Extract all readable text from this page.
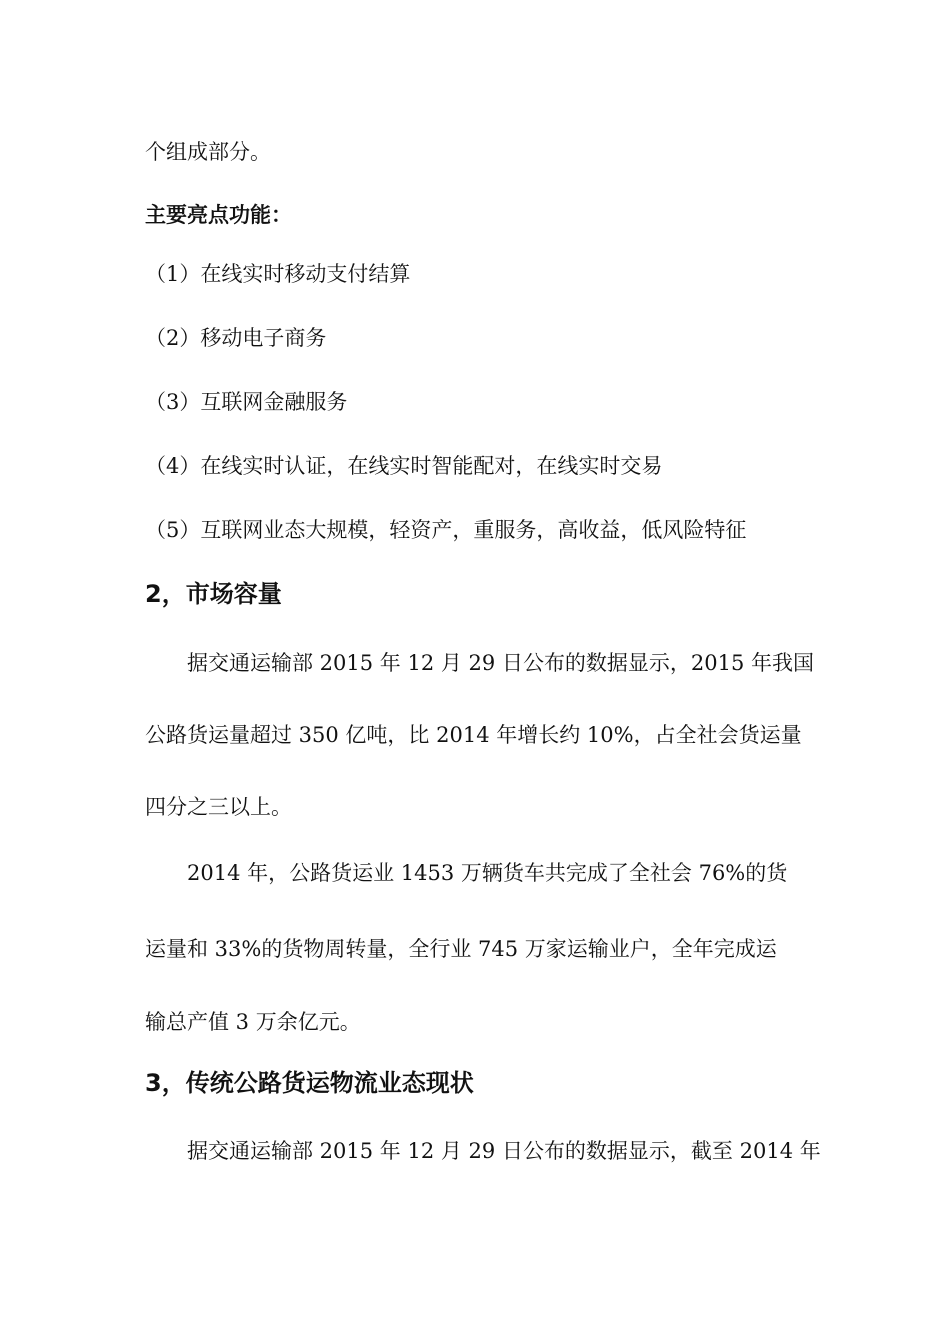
个组成部分。
主要亮点功能：
（1）在线实时移动支付结算
（2）移动电子商务
（3）互联网金融服务
（4）在线实时认证，在线实时智能配对，在线实时交易
（5）互联网业态大规模，轻资产，重服务，高收益，低风险特征
2，市场容量
据交通运输部 2015 年 12 月 29 日公布的数据显示，2015 年我国
公路货运量超过 350 亿吨，比 2014 年增长约 10%，占全社会货运量
四分之三以上。
2014 年，公路货运业 1453 万辆货车共完成了全社会 76%的货
运量和 33%的货物周转量，全行业 745 万家运输业户，全年完成运
输总产值 3 万余亿元。
3，传统公路货运物流业态现状
据交通运输部 2015 年 12 月 29 日公布的数据显示，截至 2014 年
